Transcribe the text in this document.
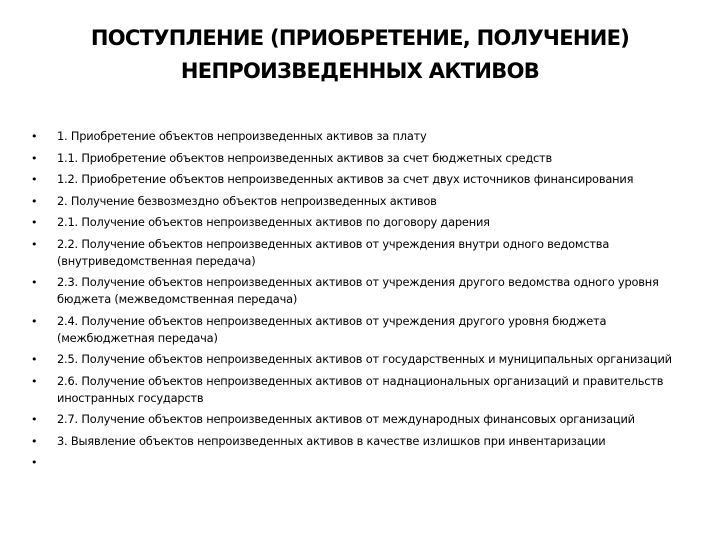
ПОСТУПЛЕНИЕ (ПРИОБРЕТЕНИЕ, ПОЛУЧЕНИЕ)
НЕПРОИЗВЕДЕННЫХ АКТИВОВ
•	1. Приобретение объектов непроизведенных активов за плату
•	1.1. Приобретение объектов непроизведенных активов за счет бюджетных средств
•	1.2. Приобретение объектов непроизведенных активов за счет двух источников финансирования
•	2. Получение безвозмездно объектов непроизведенных активов
•	2.1. Получение объектов непроизведенных активов по договору дарения
•	2.2. Получение объектов непроизведенных активов от учреждения внутри одного ведомства (внутриведомственная передача)
•	2.3. Получение объектов непроизведенных активов от учреждения другого ведомства одного уровня бюджета (межведомственная передача)
•	2.4. Получение объектов непроизведенных активов от учреждения другого уровня бюджета (межбюджетная передача)
•	2.5. Получение объектов непроизведенных активов от государственных и муниципальных организаций
•	2.6. Получение объектов непроизведенных активов от наднациональных организаций и правительств иностранных государств
•	2.7. Получение объектов непроизведенных активов от международных финансовых организаций
•	3. Выявление объектов непроизведенных активов в качестве излишков при инвентаризации
•
